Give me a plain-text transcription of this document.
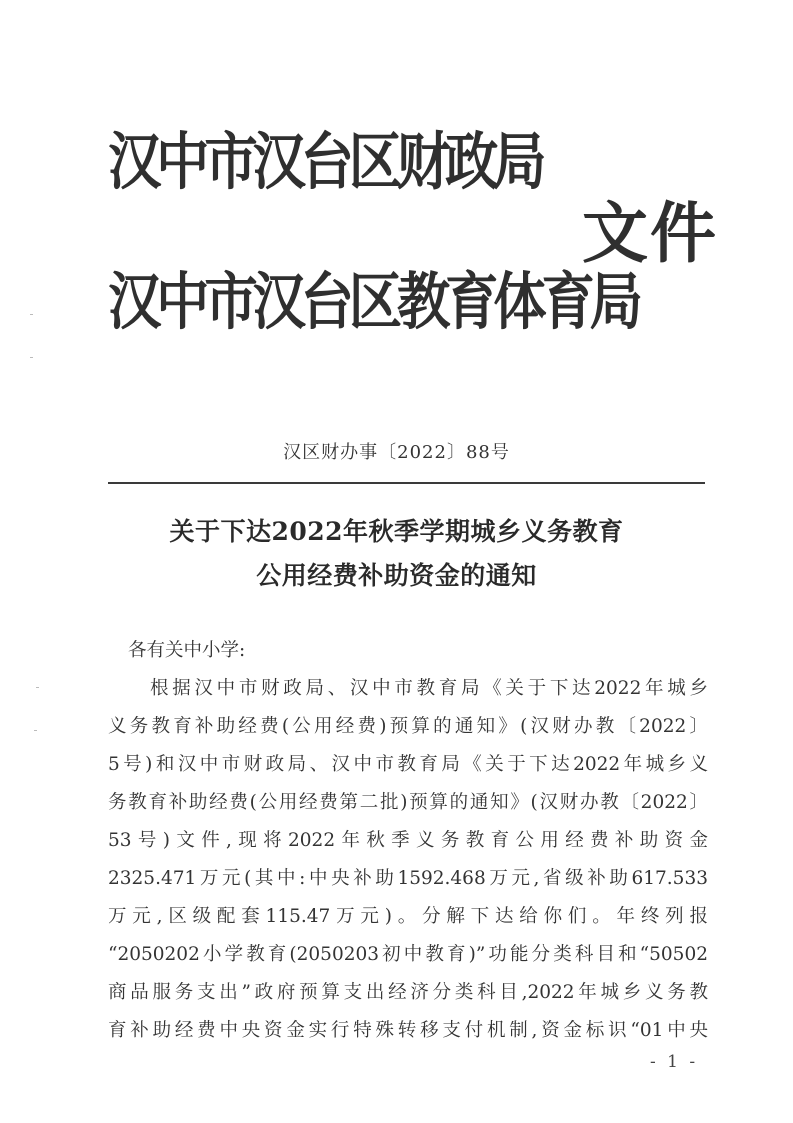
汉中市汉台区财政局
汉中市汉台区教育体育局
文件
汉区财办事〔2022〕88号
关于下达2022年秋季学期城乡义务教育
公用经费补助资金的通知
各有关中小学:
根据汉中市财政局、汉中市教育局《关于下达2022年城乡
义务教育补助经费(公用经费)预算的通知》(汉财办教〔2022〕
5号)和汉中市财政局、汉中市教育局《关于下达2022年城乡义
务教育补助经费(公用经费第二批)预算的通知》(汉财办教〔2022〕
53号)文件,现将2022年秋季义务教育公用经费补助资金
2325.471万元(其中:中央补助1592.468万元,省级补助617.533
万元,区级配套115.47万元)。分解下达给你们。年终列报
“2050202小学教育(2050203初中教育)”功能分类科目和“50502
商品服务支出”政府预算支出经济分类科目,2022年城乡义务教
育补助经费中央资金实行特殊转移支付机制,资金标识“01中央
- 1 -
